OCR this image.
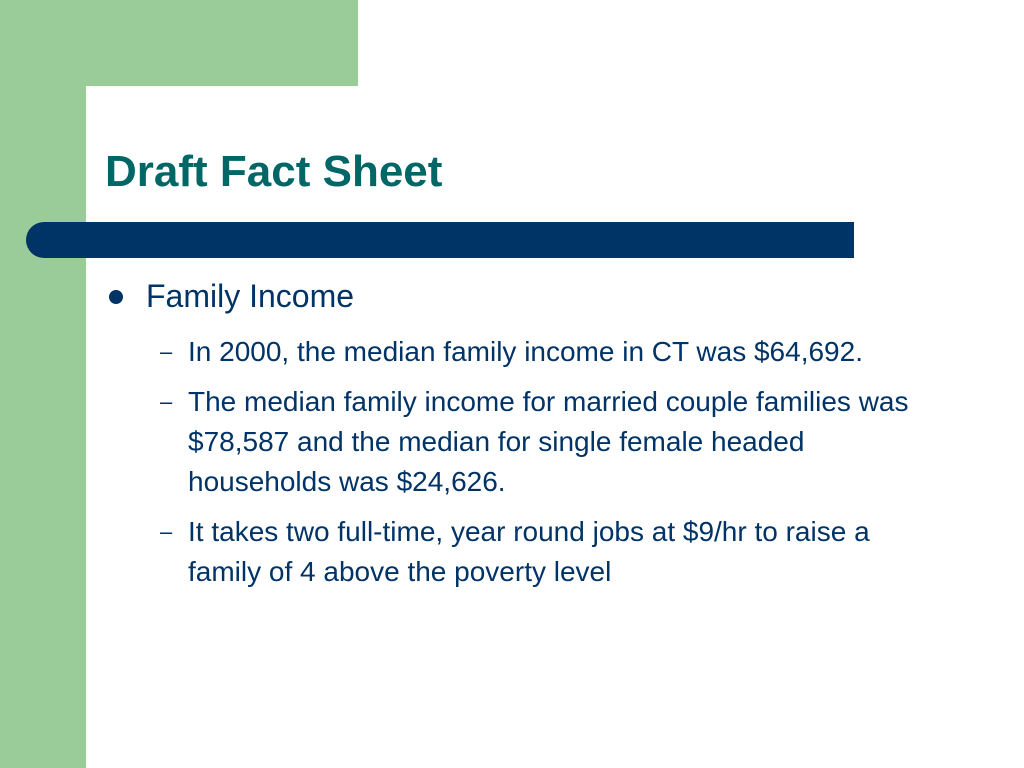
Draft Fact Sheet
Family Income
– In 2000, the median family income in CT was $64,692.
– The median family income for married couple families was $78,587 and the median for single female headed households was $24,626.
– It takes two full-time, year round jobs at $9/hr to raise a family of 4 above the poverty level
